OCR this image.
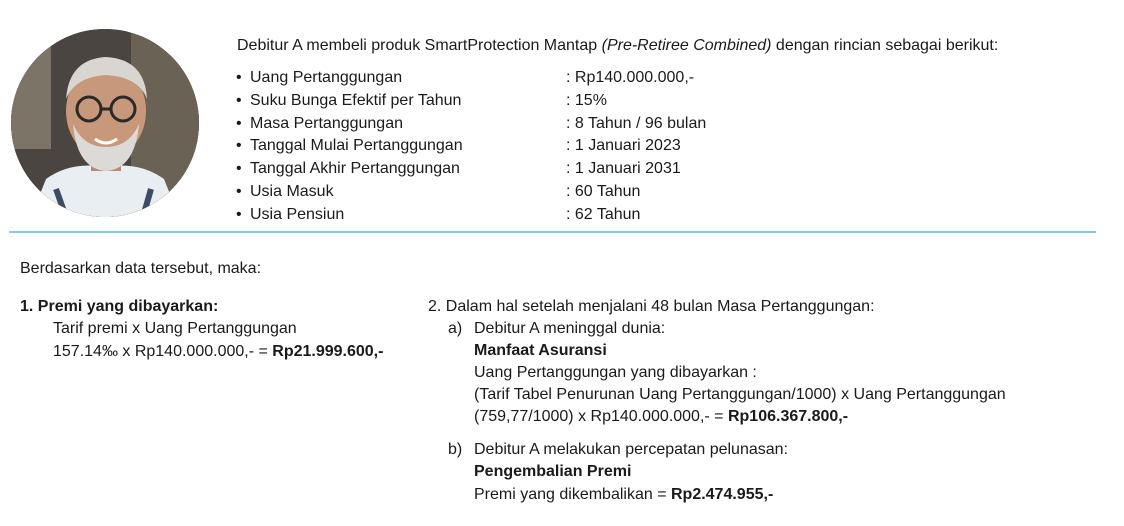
Debitur A membeli produk SmartProtection Mantap (Pre-Retiree Combined) dengan rincian sebagai berikut:
• Uang Pertanggungan	: Rp140.000.000,-
• Suku Bunga Efektif per Tahun	: 15%
• Masa Pertanggungan	: 8 Tahun / 96 bulan
• Tanggal Mulai Pertanggungan	: 1 Januari 2023
• Tanggal Akhir Pertanggungan	: 1 Januari 2031
• Usia Masuk	: 60 Tahun
• Usia Pensiun	: 62 Tahun
Berdasarkan data tersebut, maka:
1. Premi yang dibayarkan:
Tarif premi x Uang Pertanggungan
157.14‰ x Rp140.000.000,- = Rp21.999.600,-
2. Dalam hal setelah menjalani 48 bulan Masa Pertanggungan:
a) Debitur A meninggal dunia:
Manfaat Asuransi
Uang Pertanggungan yang dibayarkan :
(Tarif Tabel Penurunan Uang Pertanggungan/1000) x Uang Pertanggungan
(759,77/1000) x Rp140.000.000,- = Rp106.367.800,-
b) Debitur A melakukan percepatan pelunasan:
Pengembalian Premi
Premi yang dikembalikan = Rp2.474.955,-
